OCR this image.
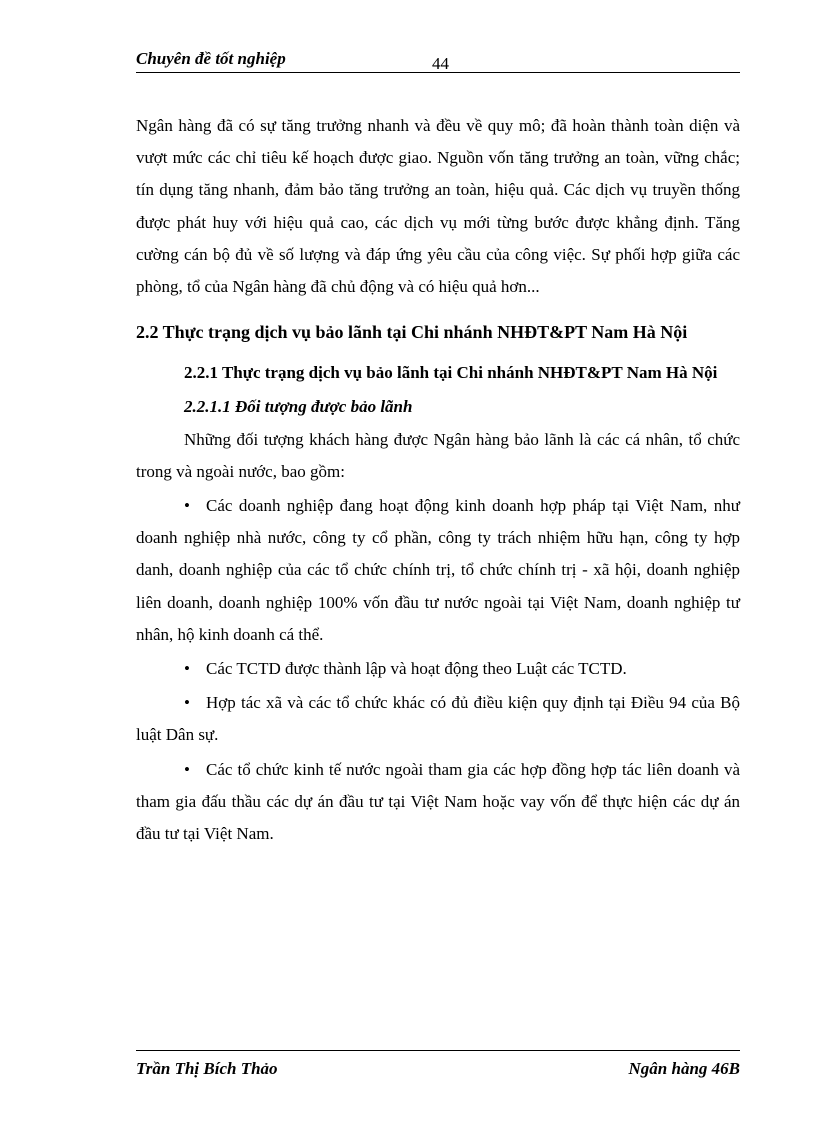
Chuyên đề tốt nghiệp	44

Ngân hàng đã có sự tăng trưởng nhanh và đều về quy mô; đã hoàn thành toàn diện và vượt mức các chỉ tiêu kế hoạch được giao. Nguồn vốn tăng trưởng an toàn, vững chắc; tín dụng tăng nhanh, đảm bảo tăng trưởng an toàn, hiệu quả. Các dịch vụ truyền thống được phát huy với hiệu quả cao, các dịch vụ mới từng bước được khẳng định. Tăng cường cán bộ đủ về số lượng và đáp ứng yêu cầu của công việc. Sự phối hợp giữa các phòng, tổ của Ngân hàng đã chủ động và có hiệu quả hơn...

2.2 Thực trạng dịch vụ bảo lãnh tại Chi nhánh NHĐT&PT Nam Hà Nội

2.2.1 Thực trạng dịch vụ bảo lãnh tại Chi nhánh NHĐT&PT Nam Hà Nội

2.2.1.1 Đối tượng được bảo lãnh

Những đối tượng khách hàng được Ngân hàng bảo lãnh là các cá nhân, tổ chức trong và ngoài nước, bao gồm:

• Các doanh nghiệp đang hoạt động kinh doanh hợp pháp tại Việt Nam, như doanh nghiệp nhà nước, công ty cổ phần, công ty trách nhiệm hữu hạn, công ty hợp danh, doanh nghiệp của các tổ chức chính trị, tổ chức chính trị - xã hội, doanh nghiệp liên doanh, doanh nghiệp 100% vốn đầu tư nước ngoài tại Việt Nam, doanh nghiệp tư nhân, hộ kinh doanh cá thể.

• Các TCTD được thành lập và hoạt động theo Luật các TCTD.

• Hợp tác xã và các tổ chức khác có đủ điều kiện quy định tại Điều 94 của Bộ luật Dân sự.

• Các tổ chức kinh tế nước ngoài tham gia các hợp đồng hợp tác liên doanh và tham gia đấu thầu các dự án đầu tư tại Việt Nam hoặc vay vốn để thực hiện các dự án đầu tư tại Việt Nam.

Trần Thị Bích Thảo	Ngân hàng 46B
